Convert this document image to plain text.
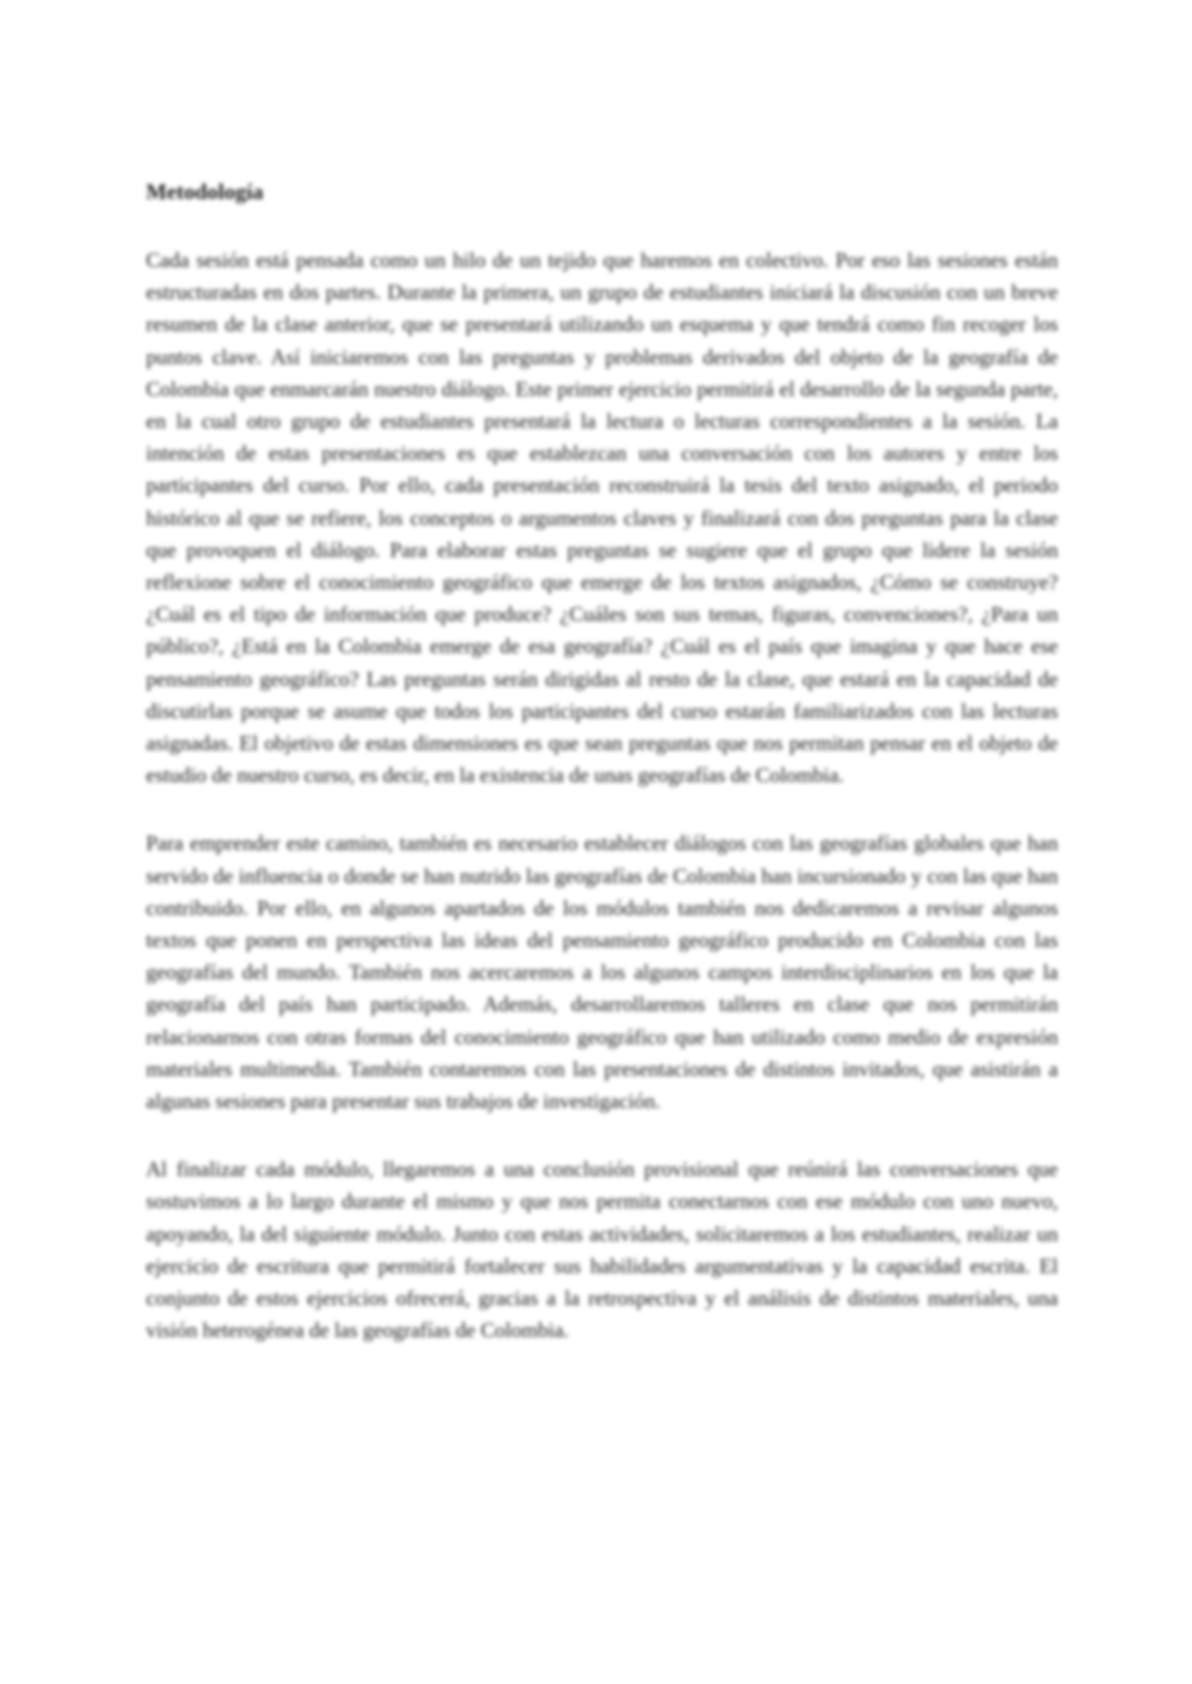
Metodología

Cada sesión está pensada como un hilo de un tejido que haremos en colectivo. Por eso las sesiones están estructuradas en dos partes. Durante la primera, un grupo de estudiantes iniciará la discusión con un breve resumen de la clase anterior, que se presentará utilizando un esquema y que tendrá como fin recoger los puntos clave. Así iniciaremos con las preguntas y problemas derivados del objeto de la geografía de Colombia que enmarcarán nuestro diálogo. Este primer ejercicio permitirá el desarrollo de la segunda parte, en la cual otro grupo de estudiantes presentará la lectura o lecturas correspondientes a la sesión. La intención de estas presentaciones es que establezcan una conversación con los autores y entre los participantes del curso. Por ello, cada presentación reconstruirá la tesis del texto asignado, el periodo histórico al que se refiere, los conceptos o argumentos claves y finalizará con dos preguntas para la clase que provoquen el diálogo. Para elaborar estas preguntas se sugiere que el grupo que lidere la sesión reflexione sobre el conocimiento geográfico que emerge de los textos asignados, ¿Cómo se construye? ¿Cuál es el tipo de información que produce? ¿Cuáles son sus temas, figuras, convenciones?, ¿Para un público?, ¿Está en la Colombia emerge de esa geografía? ¿Cuál es el país que imagina y que hace ese pensamiento geográfico? Las preguntas serán dirigidas al resto de la clase, que estará en la capacidad de discutirlas porque se asume que todos los participantes del curso estarán familiarizados con las lecturas asignadas. El objetivo de estas dimensiones es que sean preguntas que nos permitan pensar en el objeto de estudio de nuestro curso, es decir, en la existencia de unas geografías de Colombia.

Para emprender este camino, también es necesario establecer diálogos con las geografías globales que han servido de influencia o donde se han nutrido las geografías de Colombia han incursionado y con las que han contribuido. Por ello, en algunos apartados de los módulos también nos dedicaremos a revisar algunos textos que ponen en perspectiva las ideas del pensamiento geográfico producido en Colombia con las geografías del mundo. También nos acercaremos a los algunos campos interdisciplinarios en los que la geografía del país han participado. Además, desarrollaremos talleres en clase que nos permitirán relacionarnos con otras formas del conocimiento geográfico que han utilizado como medio de expresión materiales multimedia. También contaremos con las presentaciones de distintos invitados, que asistirán a algunas sesiones para presentar sus trabajos de investigación.

Al finalizar cada módulo, llegaremos a una conclusión provisional que reúnirá las conversaciones que sostuvimos a lo largo durante el mismo y que nos permita conectarnos con ese módulo con uno nuevo, apoyando, la del siguiente módulo. Junto con estas actividades, solicitaremos a los estudiantes, realizar un ejercicio de escritura que permitirá fortalecer sus habilidades argumentativas y la capacidad escrita. El conjunto de estos ejercicios ofrecerá, gracias a la retrospectiva y el análisis de distintos materiales, una visión heterogénea de las geografías de Colombia.
